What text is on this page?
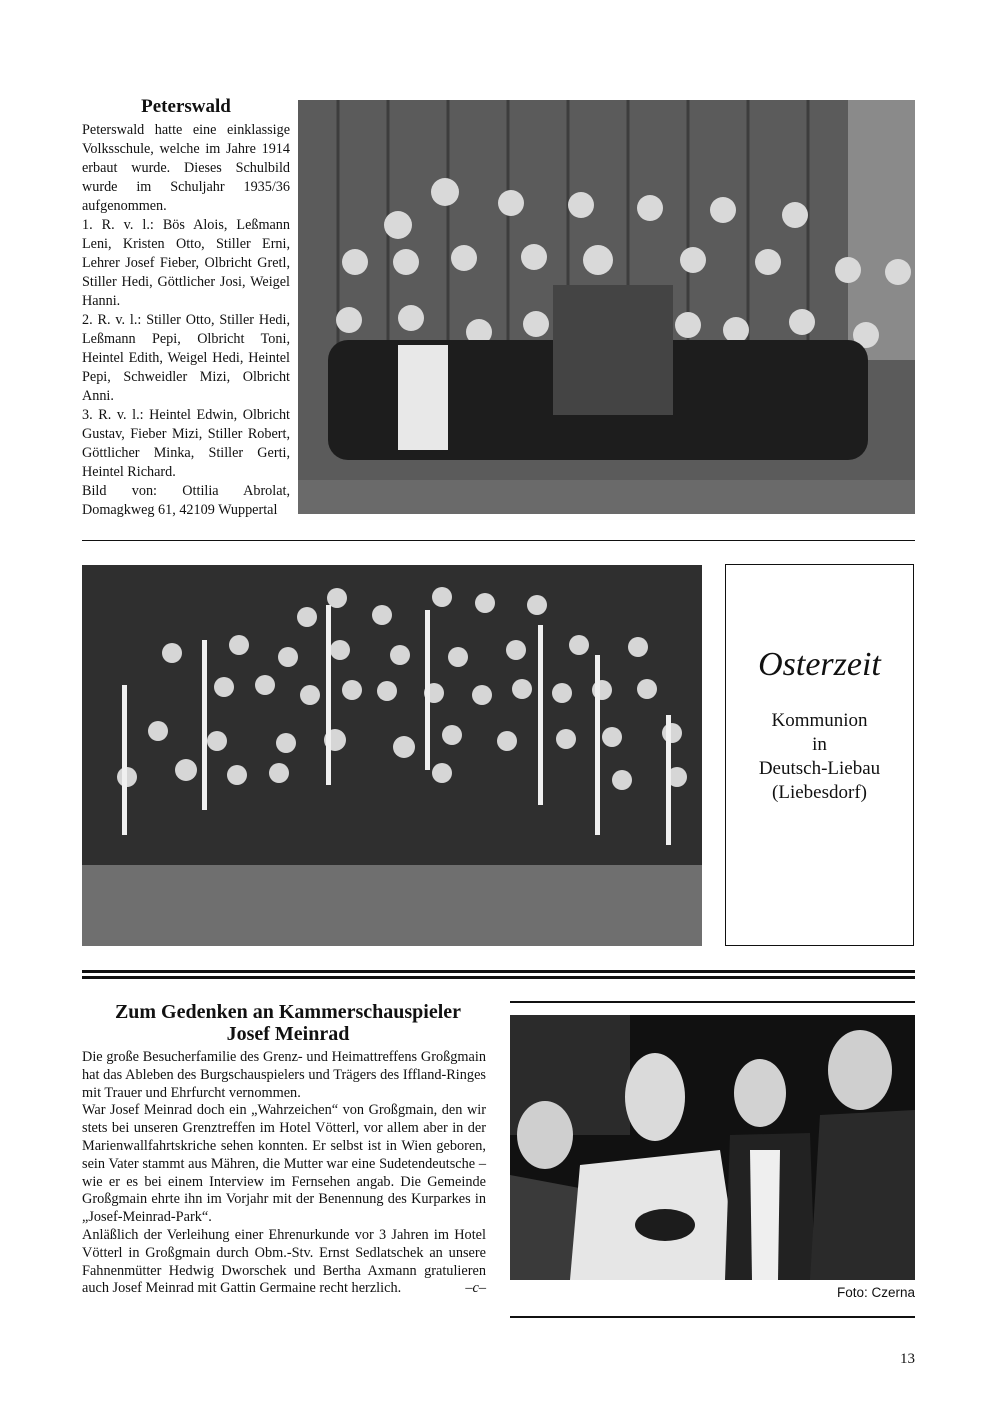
Peterswald

Peterswald hatte eine einklassige Volksschule, welche im Jahre 1914 erbaut wurde. Dieses Schulbild wurde im Schuljahr 1935/36 aufgenommen.

1. R. v. l.: Bös Alois, Leßmann Leni, Kristen Otto, Stiller Erni, Lehrer Josef Fieber, Olbricht Gretl, Stiller Hedi, Göttlicher Josi, Weigel Hanni.

2. R. v. l.: Stiller Otto, Stiller Hedi, Leßmann Pepi, Olbricht Toni, Heintel Edith, Weigel Hedi, Heintel Pepi, Schweidler Mizi, Olbricht Anni.

3. R. v. l.: Heintel Edwin, Olbricht Gustav, Fieber Mizi, Stiller Robert, Göttlicher Minka, Stiller Gerti, Heintel Richard.

Bild von: Ottilia Abrolat, Domagkweg 61, 42109 Wuppertal

Osterzeit
Kommunion
in
Deutsch-Liebau
(Liebesdorf)
Zum Gedenken an Kammerschauspieler
Josef Meinrad

Die große Besucherfamilie des Grenz- und Heimattreffens Großgmain hat das Ableben des Burgschauspielers und Trägers des Iffland-Ringes mit Trauer und Ehrfurcht vernommen.

War Josef Meinrad doch ein „Wahrzeichen“ von Großgmain, den wir stets bei unseren Grenztreffen im Hotel Vötterl, vor allem aber in der Marienwallfahrtskriche sehen konnten. Er selbst ist in Wien geboren, sein Vater stammt aus Mähren, die Mutter war eine Sudetendeutsche – wie er es bei einem Interview im Fernsehen angab. Die Gemeinde Großgmain ehrte ihn im Vorjahr mit der Benennung des Kurparkes in „Josef-Meinrad-Park“.

Anläßlich der Verleihung einer Ehrenurkunde vor 3 Jahren im Hotel Vötterl in Großgmain durch Obm.-Stv. Ernst Sedlatschek an unsere Fahnenmütter Hedwig Dworschek und Bertha Axmann gratulieren auch Josef Meinrad mit Gattin Germaine recht herzlich.	–c–	Foto: Czerna
13
